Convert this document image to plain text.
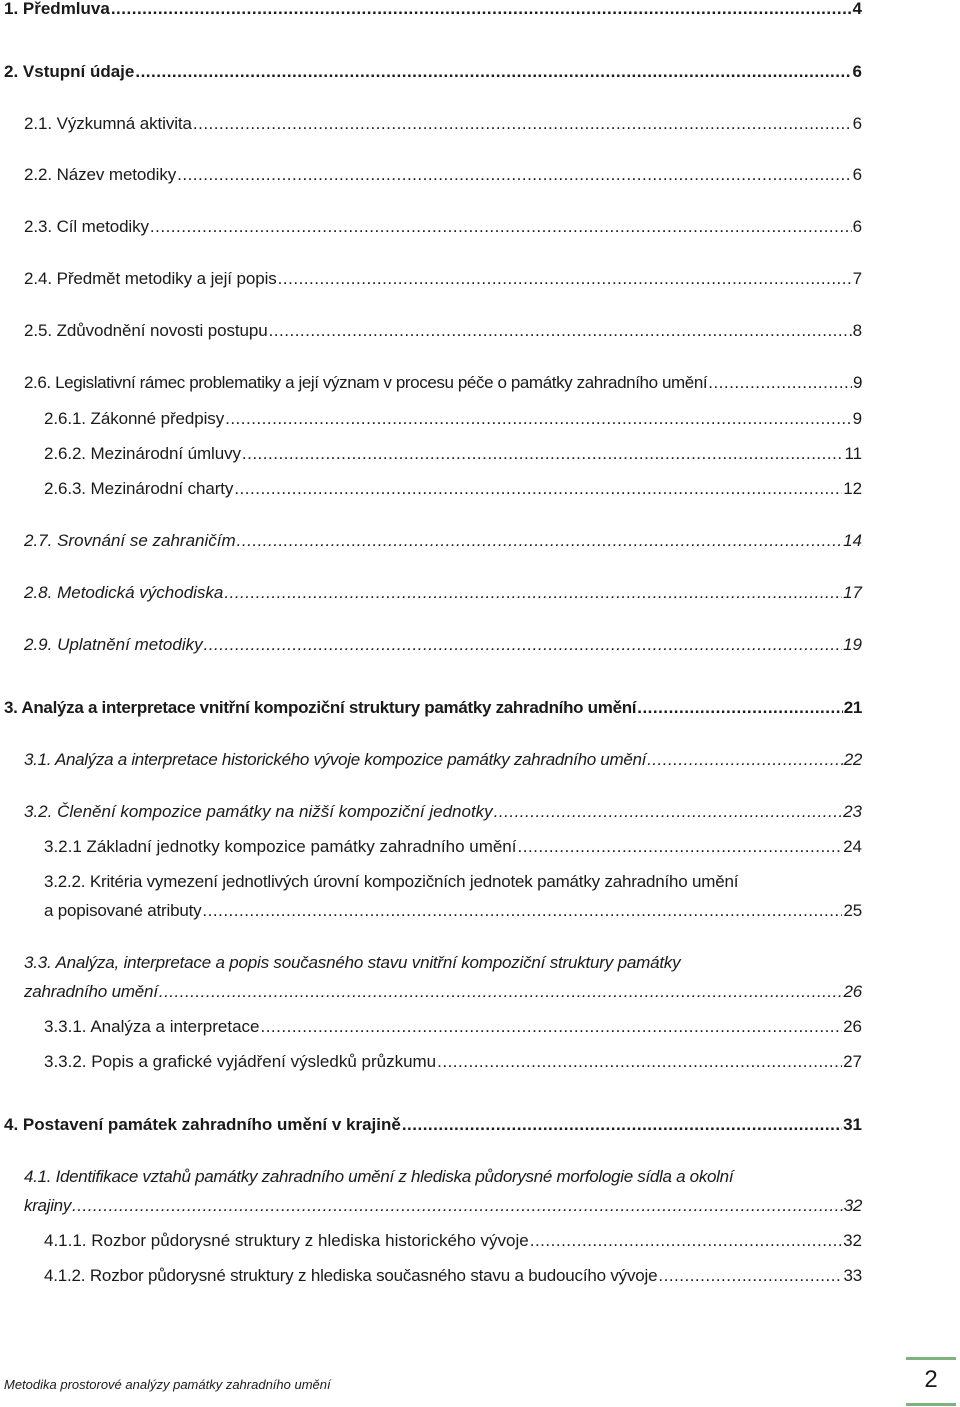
1. Předmluva .....	4
2. Vstupní údaje .....	6
2.1. Výzkumná aktivita .....	6
2.2. Název metodiky .....	6
2.3. Cíl metodiky .....	6
2.4. Předmět metodiky a její popis .....	7
2.5. Zdůvodnění novosti postupu .....	8
2.6. Legislativní rámec problematiky a její význam v procesu péče o památky zahradního umění .....	9
2.6.1. Zákonné předpisy .....	9
2.6.2. Mezinárodní úmluvy .....	11
2.6.3. Mezinárodní charty .....	12
2.7. Srovnání se zahraničím .....	14
2.8. Metodická východiska .....	17
2.9. Uplatnění metodiky .....	19
3. Analýza a interpretace vnitřní kompoziční struktury památky zahradního umění .....	21
3.1. Analýza a interpretace historického vývoje kompozice památky zahradního umění .....	22
3.2. Členění kompozice památky na nižší kompoziční jednotky .....	23
3.2.1 Základní jednotky kompozice památky zahradního umění .....	24
3.2.2. Kritéria vymezení jednotlivých úrovní kompozičních jednotek památky zahradního umění
a popisované atributy .....	25
3.3. Analýza, interpretace a popis současného stavu vnitřní kompoziční struktury památky
zahradního umění .....	26
3.3.1. Analýza a interpretace .....	26
3.3.2. Popis a grafické vyjádření výsledků průzkumu .....	27
4. Postavení památek zahradního umění v krajině .....	31
4.1. Identifikace vztahů památky zahradního umění z hlediska půdorysné morfologie sídla a okolní
krajiny .....	32
4.1.1. Rozbor půdorysné struktury z hlediska historického vývoje .....	32
4.1.2. Rozbor půdorysné struktury z hlediska současného stavu a budoucího vývoje .....	33
Metodika prostorové analýzy památky zahradního umění	2
